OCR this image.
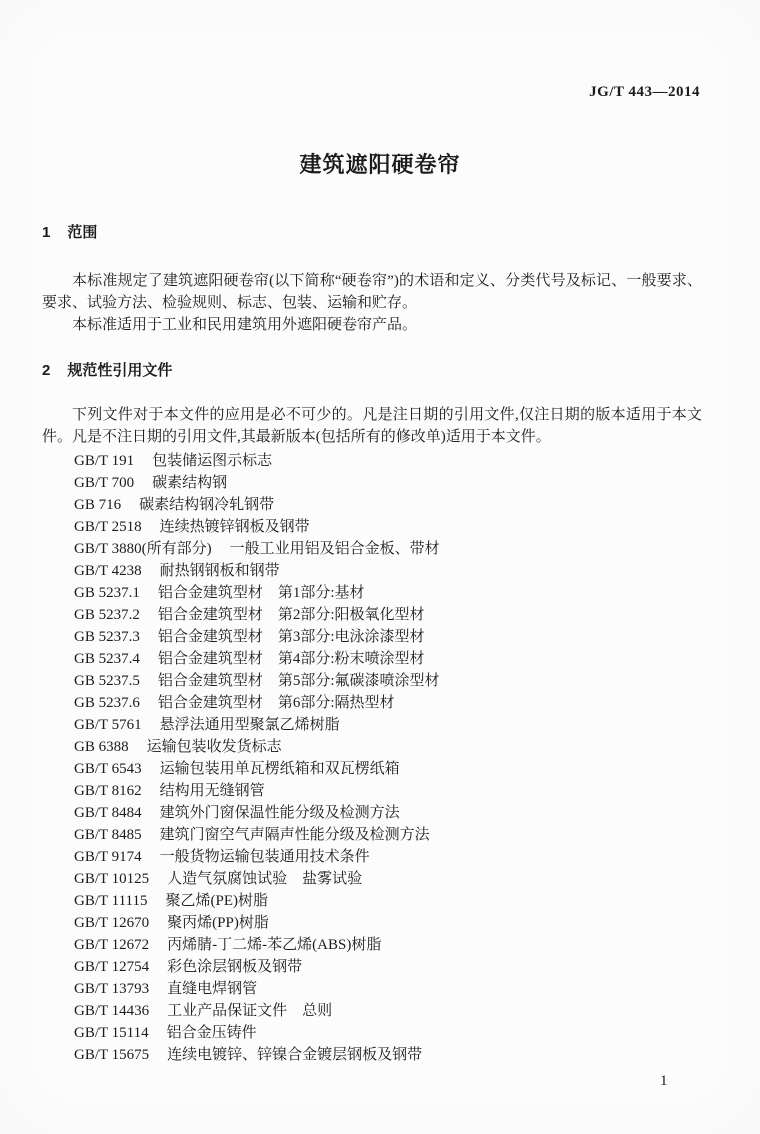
JG/T 443—2014
建筑遮阳硬卷帘
1 范围

本标准规定了建筑遮阳硬卷帘(以下简称“硬卷帘”)的术语和定义、分类代号及标记、一般要求、要求、试验方法、检验规则、标志、包装、运输和贮存。

本标准适用于工业和民用建筑用外遮阳硬卷帘产品。

2 规范性引用文件

下列文件对于本文件的应用是必不可少的。凡是注日期的引用文件,仅注日期的版本适用于本文件。凡是不注日期的引用文件,其最新版本(包括所有的修改单)适用于本文件。

GB/T 191 包装储运图示标志
GB/T 700 碳素结构钢
GB 716 碳素结构钢冷轧钢带
GB/T 2518 连续热镀锌钢板及钢带
GB/T 3880(所有部分) 一般工业用铝及铝合金板、带材
GB/T 4238 耐热钢钢板和钢带
GB 5237.1 铝合金建筑型材　第1部分:基材
GB 5237.2 铝合金建筑型材　第2部分:阳极氧化型材
GB 5237.3 铝合金建筑型材　第3部分:电泳涂漆型材
GB 5237.4 铝合金建筑型材　第4部分:粉末喷涂型材
GB 5237.5 铝合金建筑型材　第5部分:氟碳漆喷涂型材
GB 5237.6 铝合金建筑型材　第6部分:隔热型材
GB/T 5761 悬浮法通用型聚氯乙烯树脂
GB 6388 运输包装收发货标志
GB/T 6543 运输包装用单瓦楞纸箱和双瓦楞纸箱
GB/T 8162 结构用无缝钢管
GB/T 8484 建筑外门窗保温性能分级及检测方法
GB/T 8485 建筑门窗空气声隔声性能分级及检测方法
GB/T 9174 一般货物运输包装通用技术条件
GB/T 10125 人造气氛腐蚀试验　盐雾试验
GB/T 11115 聚乙烯(PE)树脂
GB/T 12670 聚丙烯(PP)树脂
GB/T 12672 丙烯腈-丁二烯-苯乙烯(ABS)树脂
GB/T 12754 彩色涂层钢板及钢带
GB/T 13793 直缝电焊钢管
GB/T 14436 工业产品保证文件　总则
GB/T 15114 铝合金压铸件
GB/T 15675 连续电镀锌、锌镍合金镀层钢板及钢带
1
